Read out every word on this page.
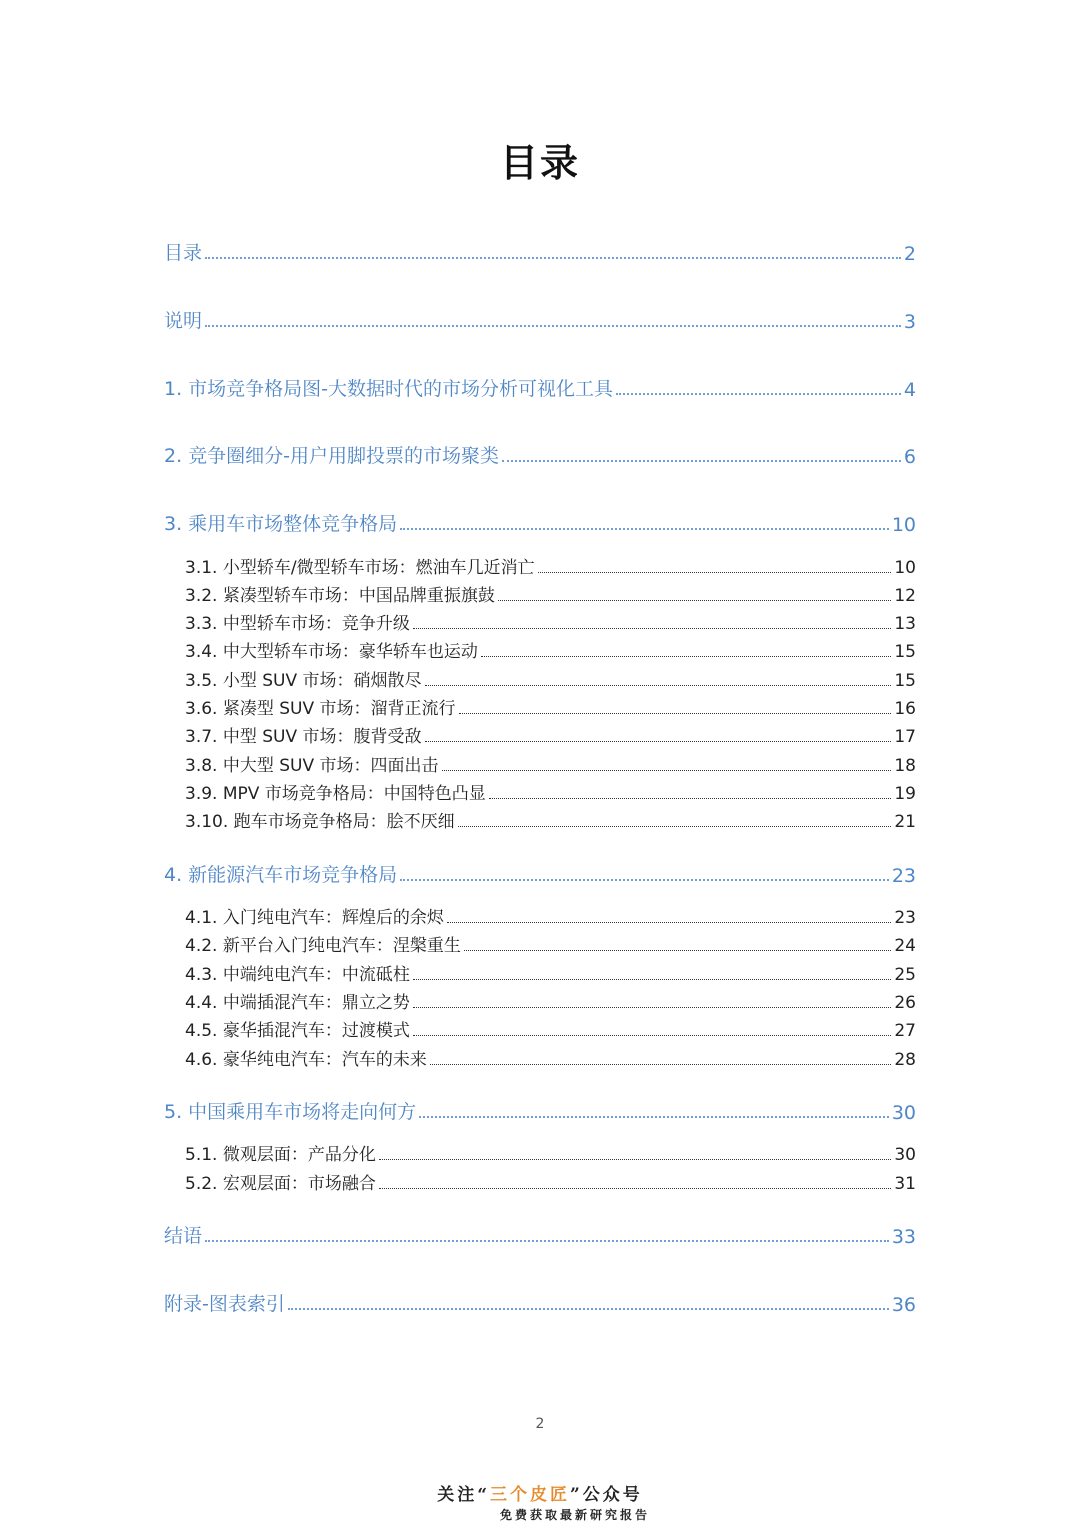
目录
目录	2
说明	3
1. 市场竞争格局图-大数据时代的市场分析可视化工具	4
2. 竞争圈细分-用户用脚投票的市场聚类	6
3. 乘用车市场整体竞争格局	10
3.1. 小型轿车/微型轿车市场：燃油车几近消亡	10
3.2. 紧凑型轿车市场：中国品牌重振旗鼓	12
3.3. 中型轿车市场：竞争升级	13
3.4. 中大型轿车市场：豪华轿车也运动	15
3.5. 小型 SUV 市场：硝烟散尽	15
3.6. 紧凑型 SUV 市场：溜背正流行	16
3.7. 中型 SUV 市场：腹背受敌	17
3.8. 中大型 SUV 市场：四面出击	18
3.9. MPV 市场竞争格局：中国特色凸显	19
3.10. 跑车市场竞争格局：脍不厌细	21
4. 新能源汽车市场竞争格局	23
4.1. 入门纯电汽车：辉煌后的余烬	23
4.2. 新平台入门纯电汽车：涅槃重生	24
4.3. 中端纯电汽车：中流砥柱	25
4.4. 中端插混汽车：鼎立之势	26
4.5. 豪华插混汽车：过渡模式	27
4.6. 豪华纯电汽车：汽车的未来	28
5. 中国乘用车市场将走向何方	30
5.1. 微观层面：产品分化	30
5.2. 宏观层面：市场融合	31
结语	33
附录-图表索引	36
2
关注“三个皮匠”公众号
免费获取最新研究报告
